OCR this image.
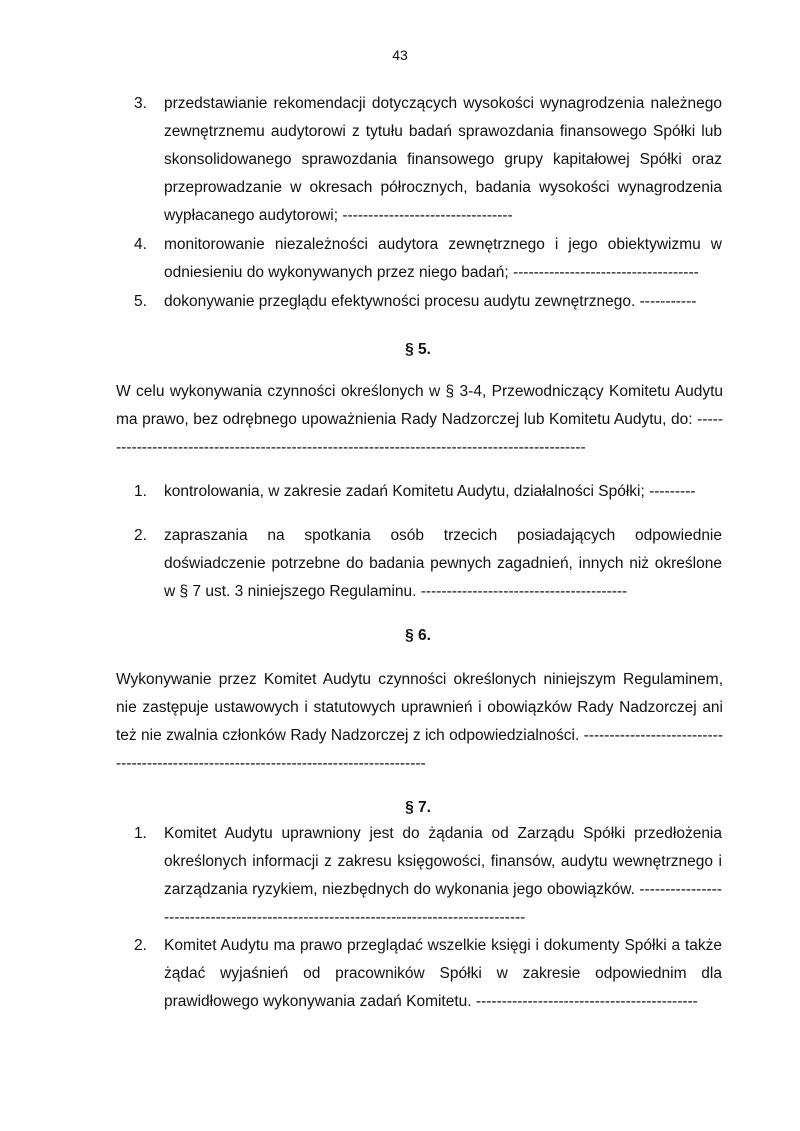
43
3.	przedstawianie rekomendacji dotyczących wysokości wynagrodzenia należnego zewnętrznemu audytorowi z tytułu badań sprawozdania finansowego Spółki lub skonsolidowanego sprawozdania finansowego grupy kapitałowej Spółki oraz przeprowadzanie w okresach półrocznych, badania wysokości wynagrodzenia wypłacanego audytorowi; ---------------------------------
4.	monitorowanie niezależności audytora zewnętrznego i jego obiektywizmu w odniesieniu do wykonywanych przez niego badań; ------------------------------------
5.	dokonywanie przeglądu efektywności procesu audytu zewnętrznego. -----------
§ 5.
W celu wykonywania czynności określonych w § 3-4, Przewodniczący Komitetu Audytu ma prawo, bez odrębnego upoważnienia Rady Nadzorczej lub Komitetu Audytu, do: ------------------------------------------------------------------------------------------------
1.	kontrolowania, w zakresie zadań Komitetu Audytu, działalności Spółki; ---------
2.	zapraszania na spotkania osób trzecich posiadających odpowiednie doświadczenie potrzebne do badania pewnych zagadnień, innych niż określone w § 7 ust. 3 niniejszego Regulaminu. ----------------------------------------
§ 6.
Wykonywanie przez Komitet Audytu czynności określonych niniejszym Regulaminem, nie zastępuje ustawowych i statutowych uprawnień i obowiązków Rady Nadzorczej ani też nie zwalnia członków Rady Nadzorczej z ich odpowiedzialności. ---------------------------------------------------------------------------------------
§ 7.
1.	Komitet Audytu uprawniony jest do żądania od Zarządu Spółki przedłożenia określonych informacji z zakresu księgowości, finansów, audytu wewnętrznego i zarządzania ryzykiem, niezbędnych do wykonania jego obowiązków. --------------------------------------------------------------------------------------
2.	Komitet Audytu ma prawo przeglądać wszelkie księgi i dokumenty Spółki a także żądać wyjaśnień od pracowników Spółki w zakresie odpowiednim dla prawidłowego wykonywania zadań Komitetu. -------------------------------------------
